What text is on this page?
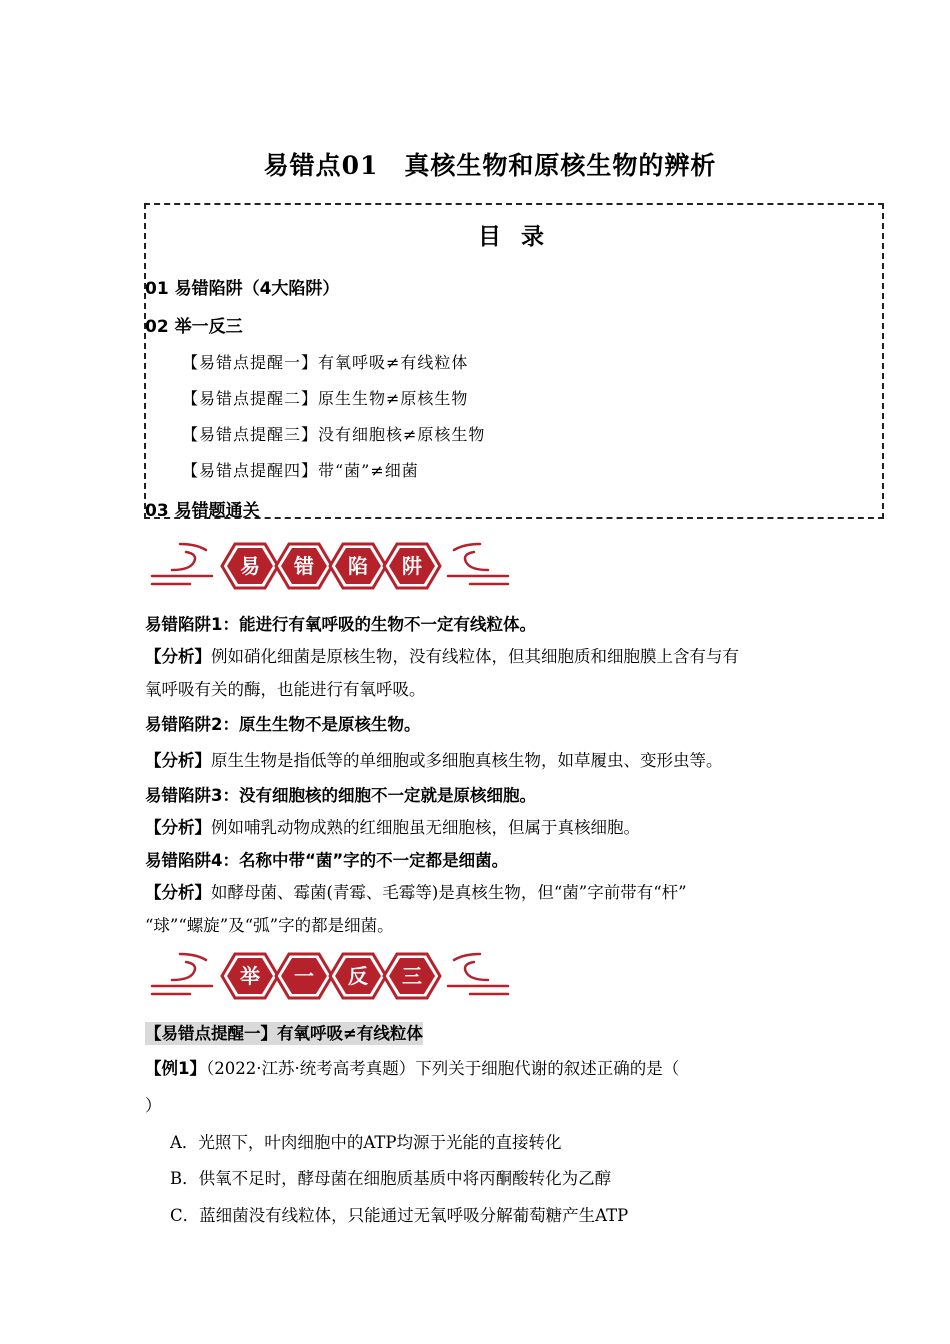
易错点01　真核生物和原核生物的辨析
目 录
01 易错陷阱（4大陷阱）
02 举一反三
【易错点提醒一】有氧呼吸≠有线粒体
【易错点提醒二】原生生物≠原核生物
【易错点提醒三】没有细胞核≠原核生物
【易错点提醒四】带“菌”≠细菌
03 易错题通关
易 错 陷 阱
易错陷阱1：能进行有氧呼吸的生物不一定有线粒体。
【分析】例如硝化细菌是原核生物，没有线粒体，但其细胞质和细胞膜上含有与有
氧呼吸有关的酶，也能进行有氧呼吸。
易错陷阱2：原生生物不是原核生物。
【分析】原生生物是指低等的单细胞或多细胞真核生物，如草履虫、变形虫等。
易错陷阱3：没有细胞核的细胞不一定就是原核细胞。
【分析】例如哺乳动物成熟的红细胞虽无细胞核，但属于真核细胞。
易错陷阱4：名称中带“菌”字的不一定都是细菌。
【分析】如酵母菌、霉菌(青霉、毛霉等)是真核生物，但“菌”字前带有“杆”
“球”“螺旋”及“弧”字的都是细菌。
举 一 反 三
【易错点提醒一】有氧呼吸≠有线粒体
【例1】（2022·江苏·统考高考真题）下列关于细胞代谢的叙述正确的是（
）
A．光照下，叶肉细胞中的ATP均源于光能的直接转化
B．供氧不足时，酵母菌在细胞质基质中将丙酮酸转化为乙醇
C．蓝细菌没有线粒体，只能通过无氧呼吸分解葡萄糖产生ATP
